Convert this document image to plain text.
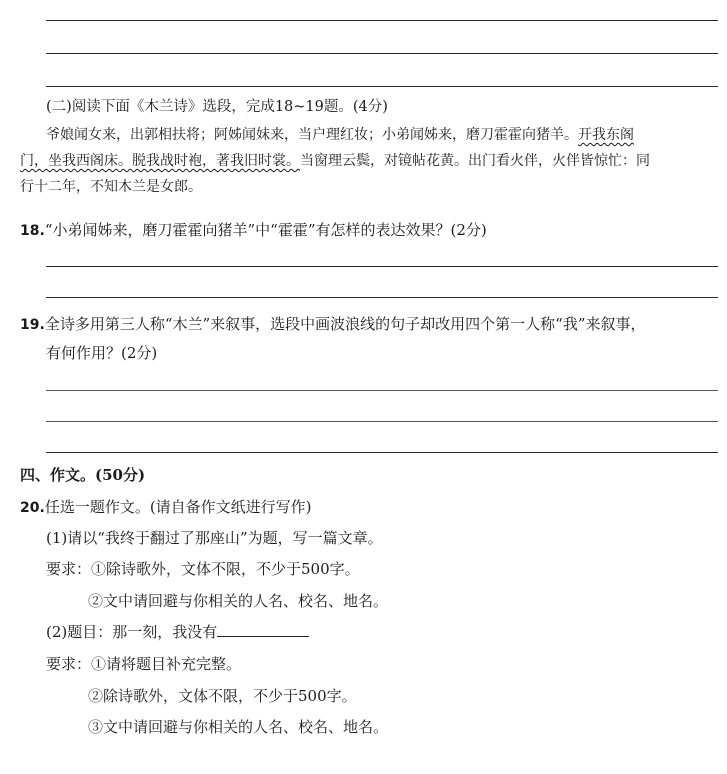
(二)阅读下面《木兰诗》选段，完成18~19题。(4分)

爷娘闻女来，出郭相扶将；阿姊闻妹来，当户理红妆；小弟闻姊来，磨刀霍霍向猪羊。开我东阁

门，坐我西阁床。脱我战时袍，著我旧时裳。当窗理云鬓，对镜帖花黄。出门看火伴，火伴皆惊忙：同

行十二年，不知木兰是女郎。

18.“小弟闻姊来，磨刀霍霍向猪羊”中“霍霍”有怎样的表达效果？(2分)
19.全诗多用第三人称“木兰”来叙事，选段中画波浪线的句子却改用四个第一人称“我”来叙事，
有何作用？(2分)
四、作文。(50分)
20.任选一题作文。(请自备作文纸进行写作)
(1)请以“我终于翻过了那座山”为题，写一篇文章。
要求：①除诗歌外，文体不限，不少于500字。
②文中请回避与你相关的人名、校名、地名。
(2)题目：那一刻，我没有
要求：①请将题目补充完整。
②除诗歌外，文体不限，不少于500字。
③文中请回避与你相关的人名、校名、地名。
